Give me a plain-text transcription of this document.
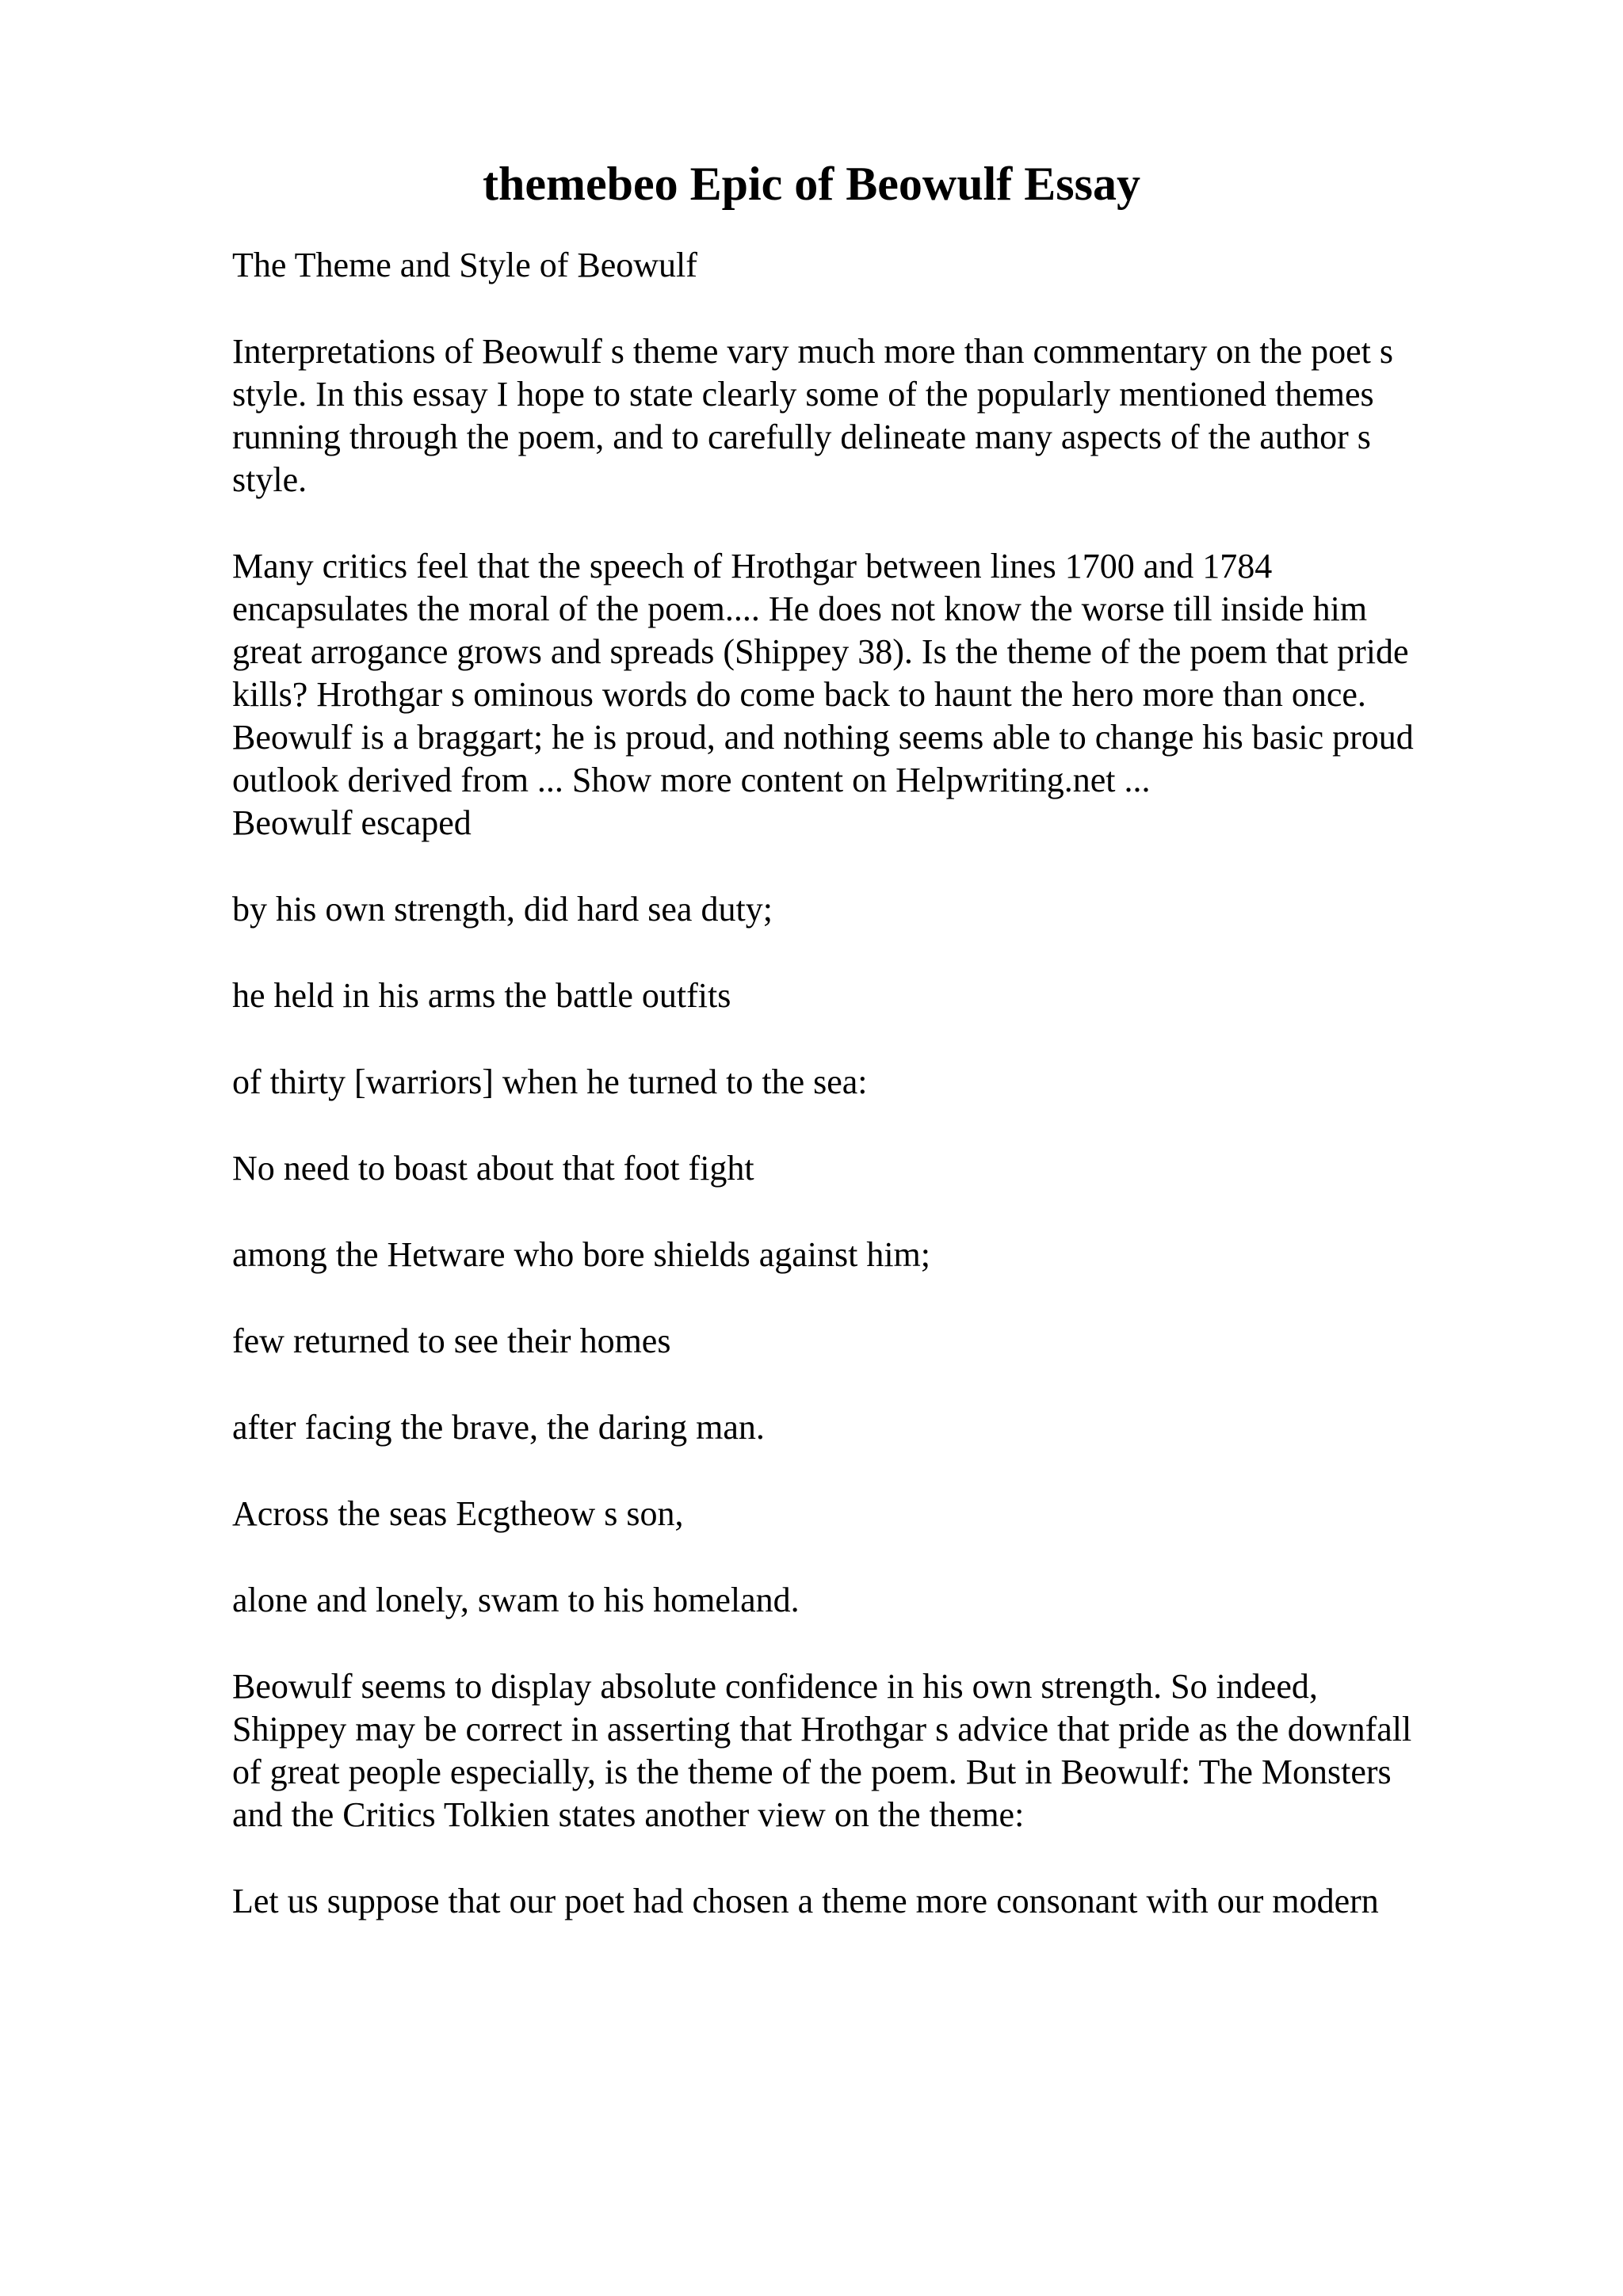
themebeo Epic of Beowulf Essay

The Theme and Style of Beowulf

Interpretations of Beowulf s theme vary much more than commentary on the poet s

style. In this essay I hope to state clearly some of the popularly mentioned themes

running through the poem, and to carefully delineate many aspects of the author s

style.

Many critics feel that the speech of Hrothgar between lines 1700 and 1784

encapsulates the moral of the poem.... He does not know the worse till inside him

great arrogance grows and spreads (Shippey 38). Is the theme of the poem that pride

kills? Hrothgar s ominous words do come back to haunt the hero more than once.

Beowulf is a braggart; he is proud, and nothing seems able to change his basic proud

outlook derived from ... Show more content on Helpwriting.net ...

Beowulf escaped

by his own strength, did hard sea duty;

he held in his arms the battle outfits

of thirty [warriors] when he turned to the sea:

No need to boast about that foot fight

among the Hetware who bore shields against him;

few returned to see their homes

after facing the brave, the daring man.

Across the seas Ecgtheow s son,

alone and lonely, swam to his homeland.

Beowulf seems to display absolute confidence in his own strength. So indeed,

Shippey may be correct in asserting that Hrothgar s advice that pride as the downfall

of great people especially, is the theme of the poem. But in Beowulf: The Monsters

and the Critics Tolkien states another view on the theme:

Let us suppose that our poet had chosen a theme more consonant with our modern
